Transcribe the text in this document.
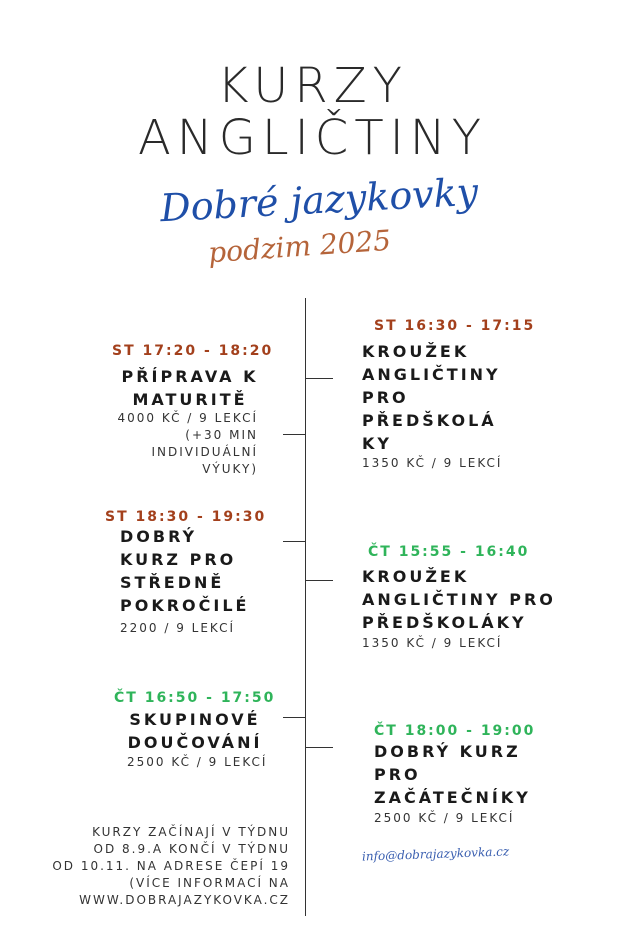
KURZY
ANGLIČTINY
Dobré jazykovky
podzim 2025
ST 16:30 - 17:15
KROUŽEK
ANGLIČTINY
PRO
PŘEDŠKOLÁ
KY
1350 KČ / 9 LEKCÍ
ST 17:20 - 18:20
PŘÍPRAVA K
MATURITĚ
4000 KČ / 9 LEKCÍ
(+30 MIN
INDIVIDUÁLNÍ
VÝUKY)
ST 18:30 - 19:30
DOBRÝ
KURZ PRO
STŘEDNĚ
POKROČILÉ
2200 / 9 LEKCÍ
ČT 15:55 - 16:40
KROUŽEK
ANGLIČTINY PRO
PŘEDŠKOLÁKY
1350 KČ / 9 LEKCÍ
ČT 16:50 - 17:50
SKUPINOVÉ
DOUČOVÁNÍ
2500 KČ / 9 LEKCÍ
ČT 18:00 - 19:00
DOBRÝ KURZ
PRO
ZAČÁTEČNÍKY
2500 KČ / 9 LEKCÍ
KURZY ZAČÍNAJÍ V TÝDNU
OD 8.9.A KONČÍ V TÝDNU
OD 10.11. NA ADRESE ČEPÍ 19
(VÍCE INFORMACÍ NA
WWW.DOBRAJAZYKOVKA.CZ
info@dobrajazykovka.cz
